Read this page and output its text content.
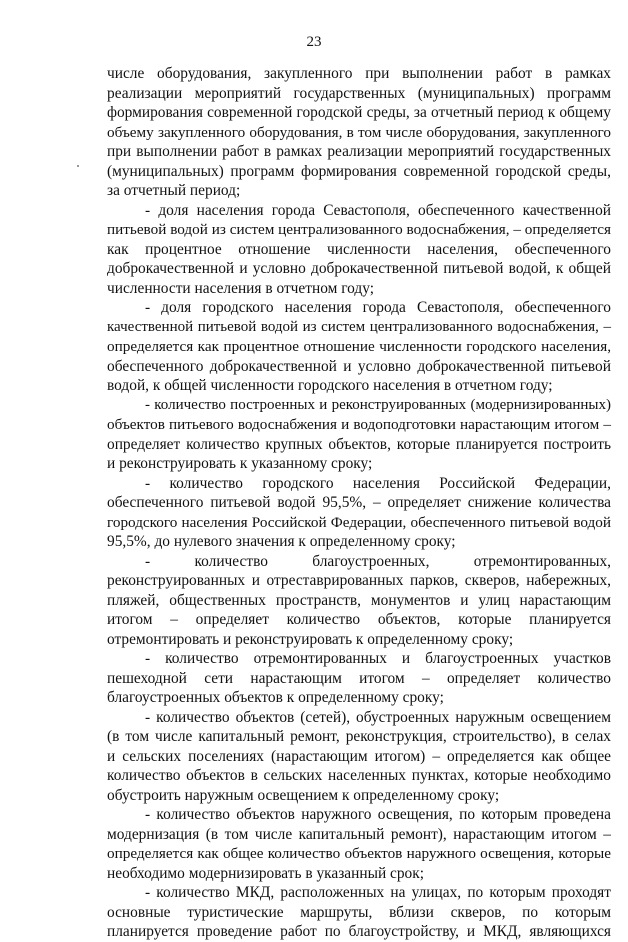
23
числе оборудования, закупленного при выполнении работ в рамках
реализации мероприятий государственных (муниципальных) программ
формирования современной городской среды, за отчетный период к общему
объему закупленного оборудования, в том числе оборудования, закупленного
при выполнении работ в рамках реализации мероприятий государственных
(муниципальных) программ формирования современной городской среды,
за отчетный период;
- доля населения города Севастополя, обеспеченного качественной
питьевой водой из систем централизованного водоснабжения, – определяется
как процентное отношение численности населения, обеспеченного
доброкачественной и условно доброкачественной питьевой водой, к общей
численности населения в отчетном году;
- доля городского населения города Севастополя, обеспеченного
качественной питьевой водой из систем централизованного водоснабжения, –
определяется как процентное отношение численности городского населения,
обеспеченного доброкачественной и условно доброкачественной питьевой
водой, к общей численности городского населения в отчетном году;
- количество построенных и реконструированных (модернизированных)
объектов питьевого водоснабжения и водоподготовки нарастающим итогом –
определяет количество крупных объектов, которые планируется построить
и реконструировать к указанному сроку;
- количество городского населения Российской Федерации,
обеспеченного питьевой водой 95,5%, – определяет снижение количества
городского населения Российской Федерации, обеспеченного питьевой водой
95,5%, до нулевого значения к определенному сроку;
- количество благоустроенных, отремонтированных,
реконструированных и отреставрированных парков, скверов, набережных,
пляжей, общественных пространств, монументов и улиц нарастающим
итогом – определяет количество объектов, которые планируется
отремонтировать и реконструировать к определенному сроку;
- количество отремонтированных и благоустроенных участков
пешеходной сети нарастающим итогом – определяет количество
благоустроенных объектов к определенному сроку;
- количество объектов (сетей), обустроенных наружным освещением
(в том числе капитальный ремонт, реконструкция, строительство), в селах
и сельских поселениях (нарастающим итогом) – определяется как общее
количество объектов в сельских населенных пунктах, которые необходимо
обустроить наружным освещением к определенному сроку;
- количество объектов наружного освещения, по которым проведена
модернизация (в том числе капитальный ремонт), нарастающим итогом –
определяется как общее количество объектов наружного освещения, которые
необходимо модернизировать в указанный срок;
- количество МКД, расположенных на улицах, по которым проходят
основные туристические маршруты, вблизи скверов, по которым
планируется проведение работ по благоустройству, и МКД, являющихся
